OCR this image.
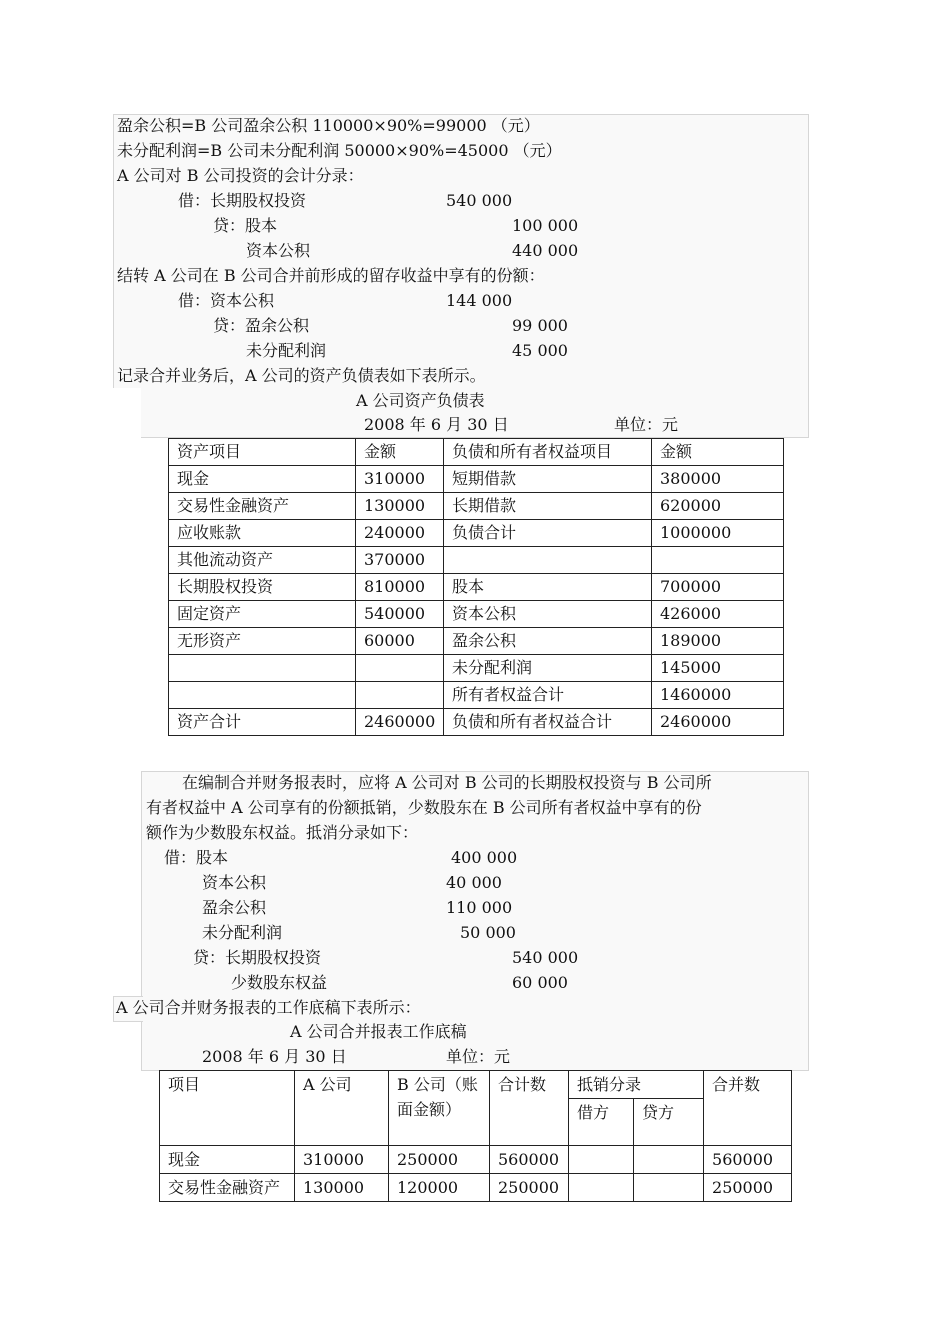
盈余公积=B 公司盈余公积 110000×90%=99000 （元）
未分配利润=B 公司未分配利润 50000×90%=45000 （元）
A 公司对 B 公司投资的会计分录：
借：长期股权投资	540 000
贷：股本	100 000
资本公积	440 000
结转 A 公司在 B 公司合并前形成的留存收益中享有的份额：
借：资本公积	144 000
贷：盈余公积	99 000
未分配利润	45 000
记录合并业务后，A 公司的资产负债表如下表所示。
A 公司资产负债表
2008 年 6 月 30 日	单位：元
资产项目	金额	负债和所有者权益项目	金额
现金	310000	短期借款	380000
交易性金融资产	130000	长期借款	620000
应收账款	240000	负债合计	1000000
其他流动资产	370000		
长期股权投资	810000	股本	700000
固定资产	540000	资本公积	426000
无形资产	60000	盈余公积	189000
		未分配利润	145000
		所有者权益合计	1460000
资产合计	2460000	负债和所有者权益合计	2460000
在编制合并财务报表时，应将 A 公司对 B 公司的长期股权投资与 B 公司所
有者权益中 A 公司享有的份额抵销，少数股东在 B 公司所有者权益中享有的份
额作为少数股东权益。抵消分录如下：
借：股本	400 000
资本公积	40 000
盈余公积	110 000
未分配利润	50 000
贷：长期股权投资	540 000
少数股东权益	60 000
A 公司合并财务报表的工作底稿下表所示：
A 公司合并报表工作底稿
2008 年 6 月 30 日	单位：元
项目	A 公司	B 公司（账面金额）	合计数	抵销分录		合并数
				借方	贷方	
现金	310000	250000	560000			560000
交易性金融资产	130000	120000	250000			250000
